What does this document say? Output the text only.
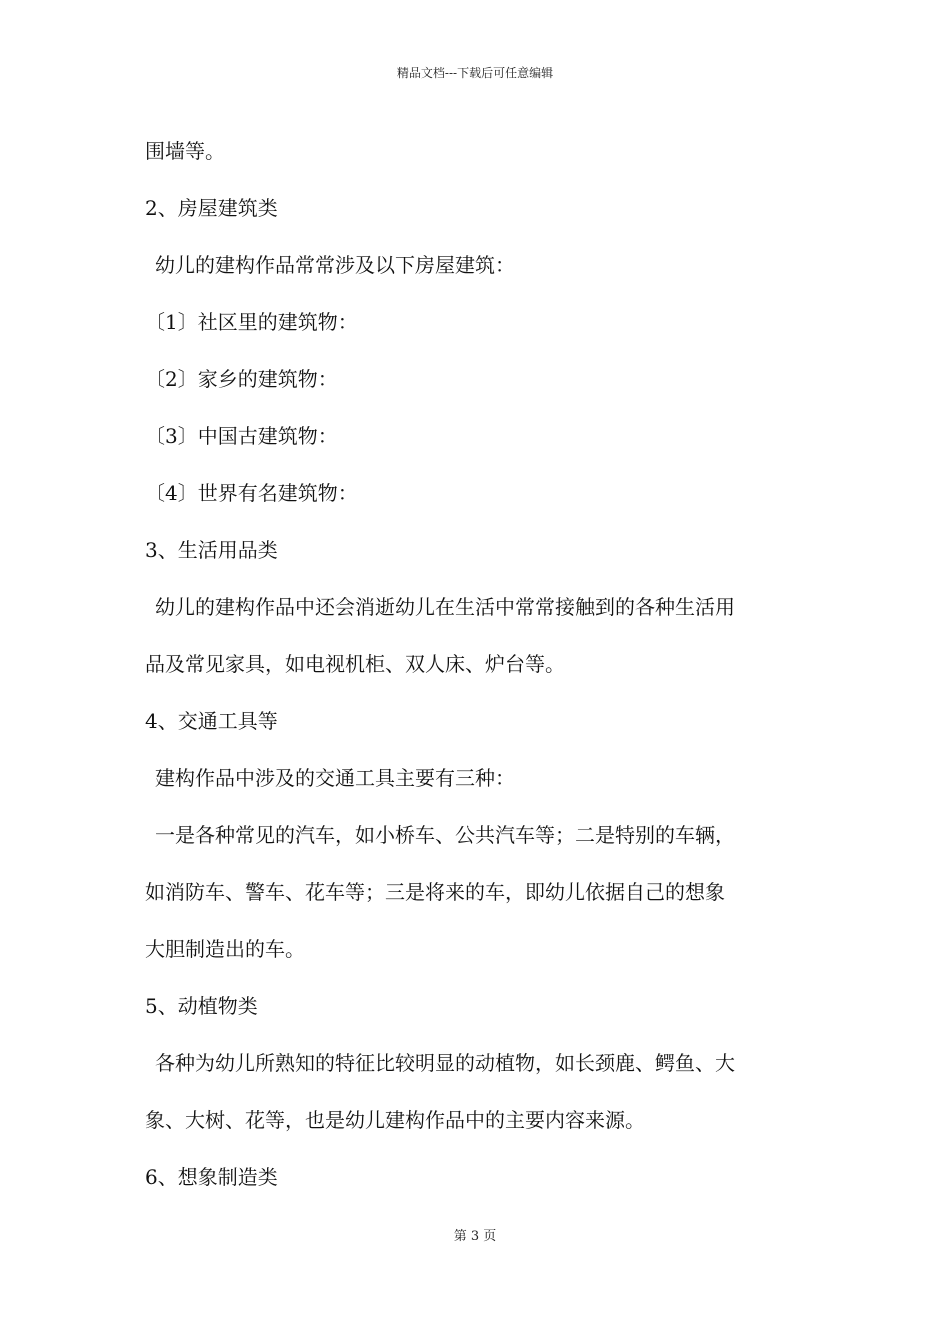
精品文档---下载后可任意编辑
围墙等。
2、房屋建筑类
幼儿的建构作品常常涉及以下房屋建筑：
〔1〕社区里的建筑物：
〔2〕家乡的建筑物：
〔3〕中国古建筑物：
〔4〕世界有名建筑物：
3、生活用品类
幼儿的建构作品中还会消逝幼儿在生活中常常接触到的各种生活用
品及常见家具，如电视机柜、双人床、炉台等。
4、交通工具等
建构作品中涉及的交通工具主要有三种：
一是各种常见的汽车，如小桥车、公共汽车等；二是特别的车辆，
如消防车、警车、花车等；三是将来的车，即幼儿依据自己的想象
大胆制造出的车。
5、动植物类
各种为幼儿所熟知的特征比较明显的动植物，如长颈鹿、鳄鱼、大
象、大树、花等，也是幼儿建构作品中的主要内容来源。
6、想象制造类
第 3 页
